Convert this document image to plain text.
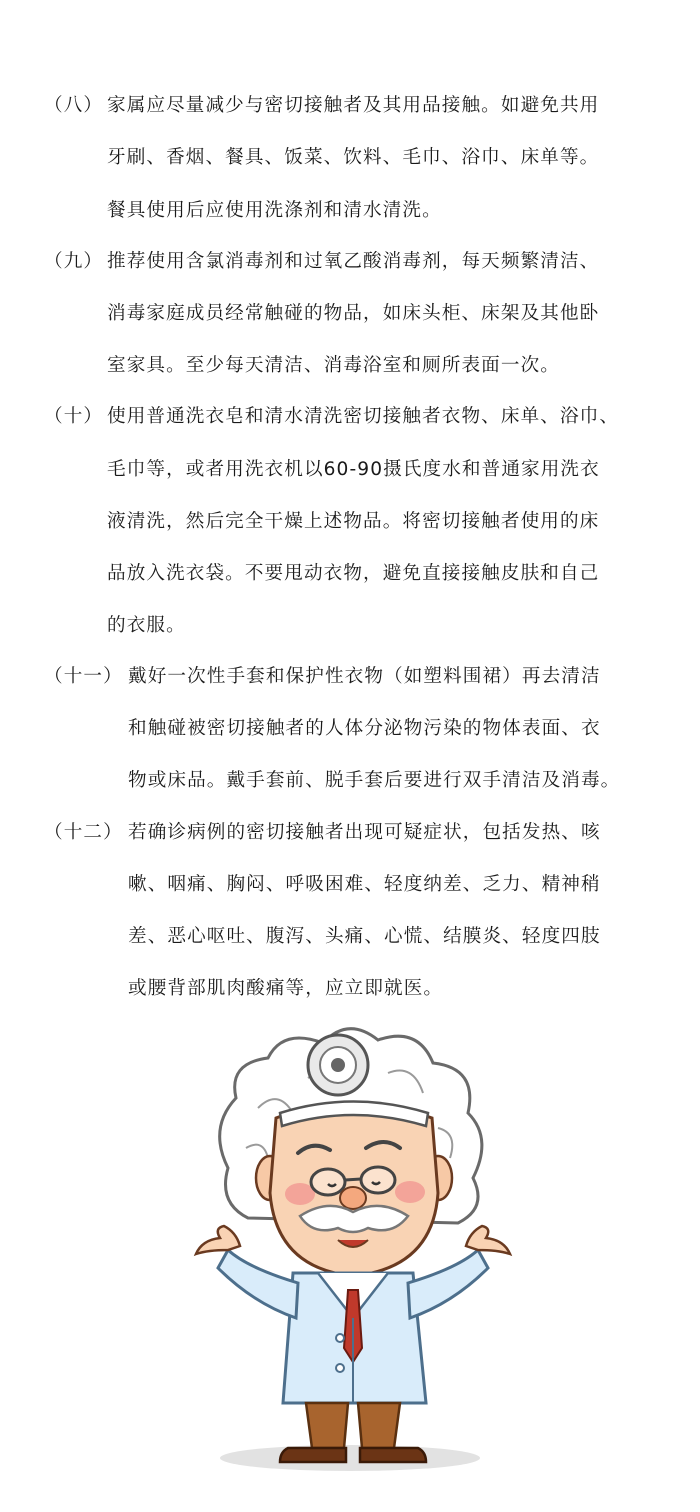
（八） 家属应尽量减少与密切接触者及其用品接触。如避免共用
牙刷、香烟、餐具、饭菜、饮料、毛巾、浴巾、床单等。
餐具使用后应使用洗涤剂和清水清洗。
（九） 推荐使用含氯消毒剂和过氧乙酸消毒剂，每天频繁清洁、
消毒家庭成员经常触碰的物品，如床头柜、床架及其他卧
室家具。至少每天清洁、消毒浴室和厕所表面一次。
（十） 使用普通洗衣皂和清水清洗密切接触者衣物、床单、浴巾、
毛巾等，或者用洗衣机以60-90摄氏度水和普通家用洗衣
液清洗，然后完全干燥上述物品。将密切接触者使用的床
品放入洗衣袋。不要甩动衣物，避免直接接触皮肤和自己
的衣服。
（十一） 戴好一次性手套和保护性衣物（如塑料围裙）再去清洁
和触碰被密切接触者的人体分泌物污染的物体表面、衣
物或床品。戴手套前、脱手套后要进行双手清洁及消毒。
（十二） 若确诊病例的密切接触者出现可疑症状，包括发热、咳
嗽、咽痛、胸闷、呼吸困难、轻度纳差、乏力、精神稍
差、恶心呕吐、腹泻、头痛、心慌、结膜炎、轻度四肢
或腰背部肌肉酸痛等，应立即就医。
